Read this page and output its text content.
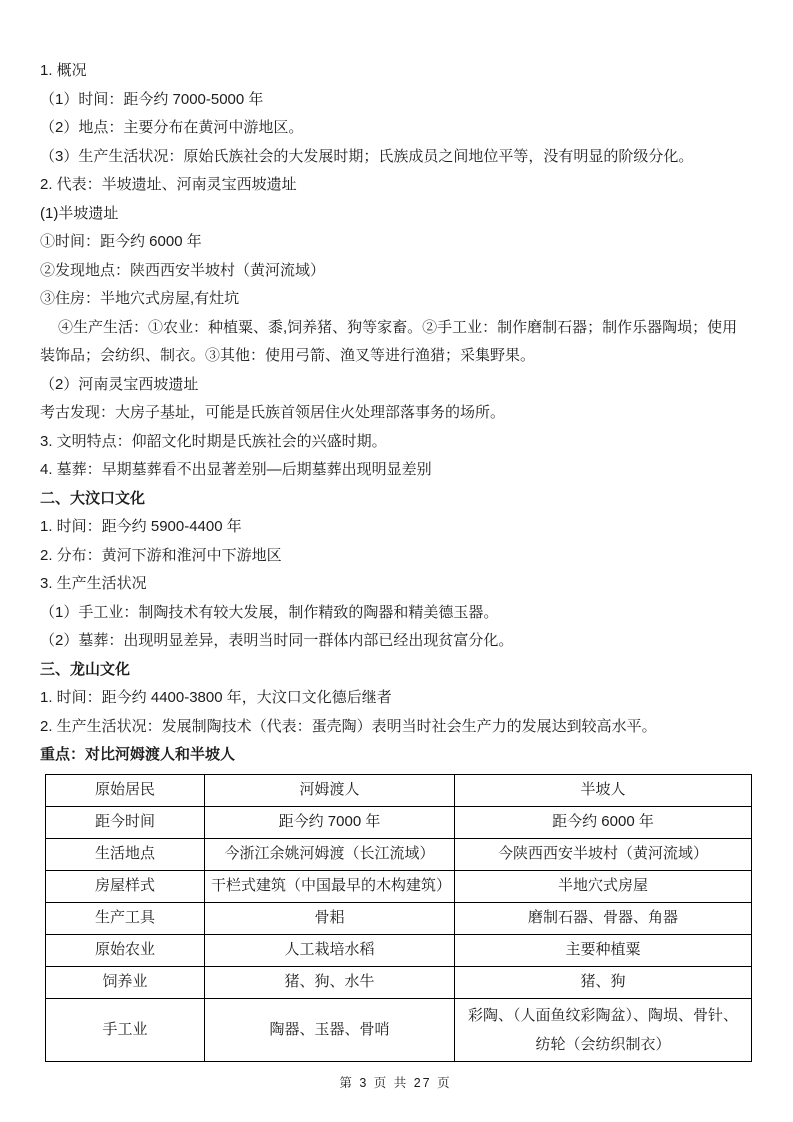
1. 概况

（1）时间：距今约 7000-5000 年

（2）地点：主要分布在黄河中游地区。

（3）生产生活状况：原始氏族社会的大发展时期；氏族成员之间地位平等，没有明显的阶级分化。

2. 代表：半坡遗址、河南灵宝西坡遗址

(1)半坡遗址

①时间：距今约 6000 年

②发现地点：陕西西安半坡村（黄河流域）

③住房：半地穴式房屋,有灶坑

④生产生活：①农业：种植粟、黍,饲养猪、狗等家畜。②手工业：制作磨制石器；制作乐器陶埙；使用装饰品；会纺织、制衣。③其他：使用弓箭、渔叉等进行渔猎；采集野果。

（2）河南灵宝西坡遗址

考古发现：大房子基址，可能是氏族首领居住火处理部落事务的场所。

3. 文明特点：仰韶文化时期是氏族社会的兴盛时期。

4. 墓葬：早期墓葬看不出显著差别—后期墓葬出现明显差别

二、大汶口文化

1. 时间：距今约 5900-4400 年

2. 分布：黄河下游和淮河中下游地区

3. 生产生活状况

（1）手工业：制陶技术有较大发展，制作精致的陶器和精美德玉器。

（2）墓葬：出现明显差异，表明当时同一群体内部已经出现贫富分化。

三、龙山文化

1. 时间：距今约 4400-3800 年，大汶口文化德后继者

2. 生产生活状况：发展制陶技术（代表：蛋壳陶）表明当时社会生产力的发展达到较高水平。

重点：对比河姆渡人和半坡人

原始居民	河姆渡人	半坡人
距今时间	距今约 7000 年	距今约 6000 年
生活地点	今浙江余姚河姆渡（长江流域）	今陕西西安半坡村（黄河流域）
房屋样式	干栏式建筑（中国最早的木构建筑）	半地穴式房屋
生产工具	骨耜	磨制石器、骨器、角器
原始农业	人工栽培水稻	主要种植粟
饲养业	猪、狗、水牛	猪、狗
手工业	陶器、玉器、骨哨	彩陶、（人面鱼纹彩陶盆）、陶埙、骨针、纺轮（会纺织制衣）
第 3 页 共 27 页
